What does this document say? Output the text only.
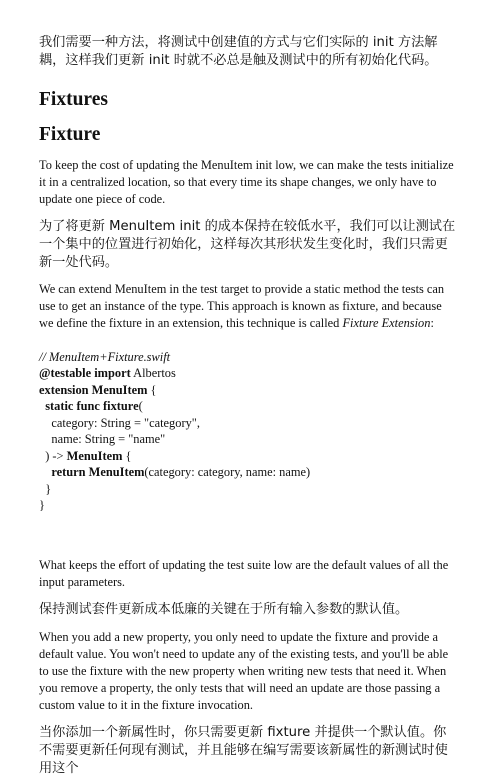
我们需要一种方法，将测试中创建值的方式与它们实际的 init 方法解耦，这样我们更新 init 时就不必总是触及测试中的所有初始化代码。

Fixtures
Fixture

To keep the cost of updating the MenuItem init low, we can make the tests initialize it in a centralized location, so that every time its shape changes, we only have to update one piece of code.

为了将更新 MenuItem init 的成本保持在较低水平，我们可以让测试在一个集中的位置进行初始化，这样每次其形状发生变化时，我们只需更新一处代码。

We can extend MenuItem in the test target to provide a static method the tests can use to get an instance of the type. This approach is known as fixture, and because we define the fixture in an extension, this technique is called Fixture Extension:

// MenuItem+Fixture.swift
@testable import Albertos
extension MenuItem {
static func fixture(
category: String = "category",
name: String = "name"
) -> MenuItem {
return MenuItem(category: category, name: name)
}
}

What keeps the effort of updating the test suite low are the default values of all the input parameters.

保持测试套件更新成本低廉的关键在于所有输入参数的默认值。

When you add a new property, you only need to update the fixture and provide a default value. You won't need to update any of the existing tests, and you'll be able to use the fixture with the new property when writing new tests that need it. When you remove a property, the only tests that will need an update are those passing a custom value to it in the fixture invocation.

当你添加一个新属性时，你只需要更新 fixture 并提供一个默认值。你不需要更新任何现有测试，并且能够在编写需要该新属性的新测试时使用这个
